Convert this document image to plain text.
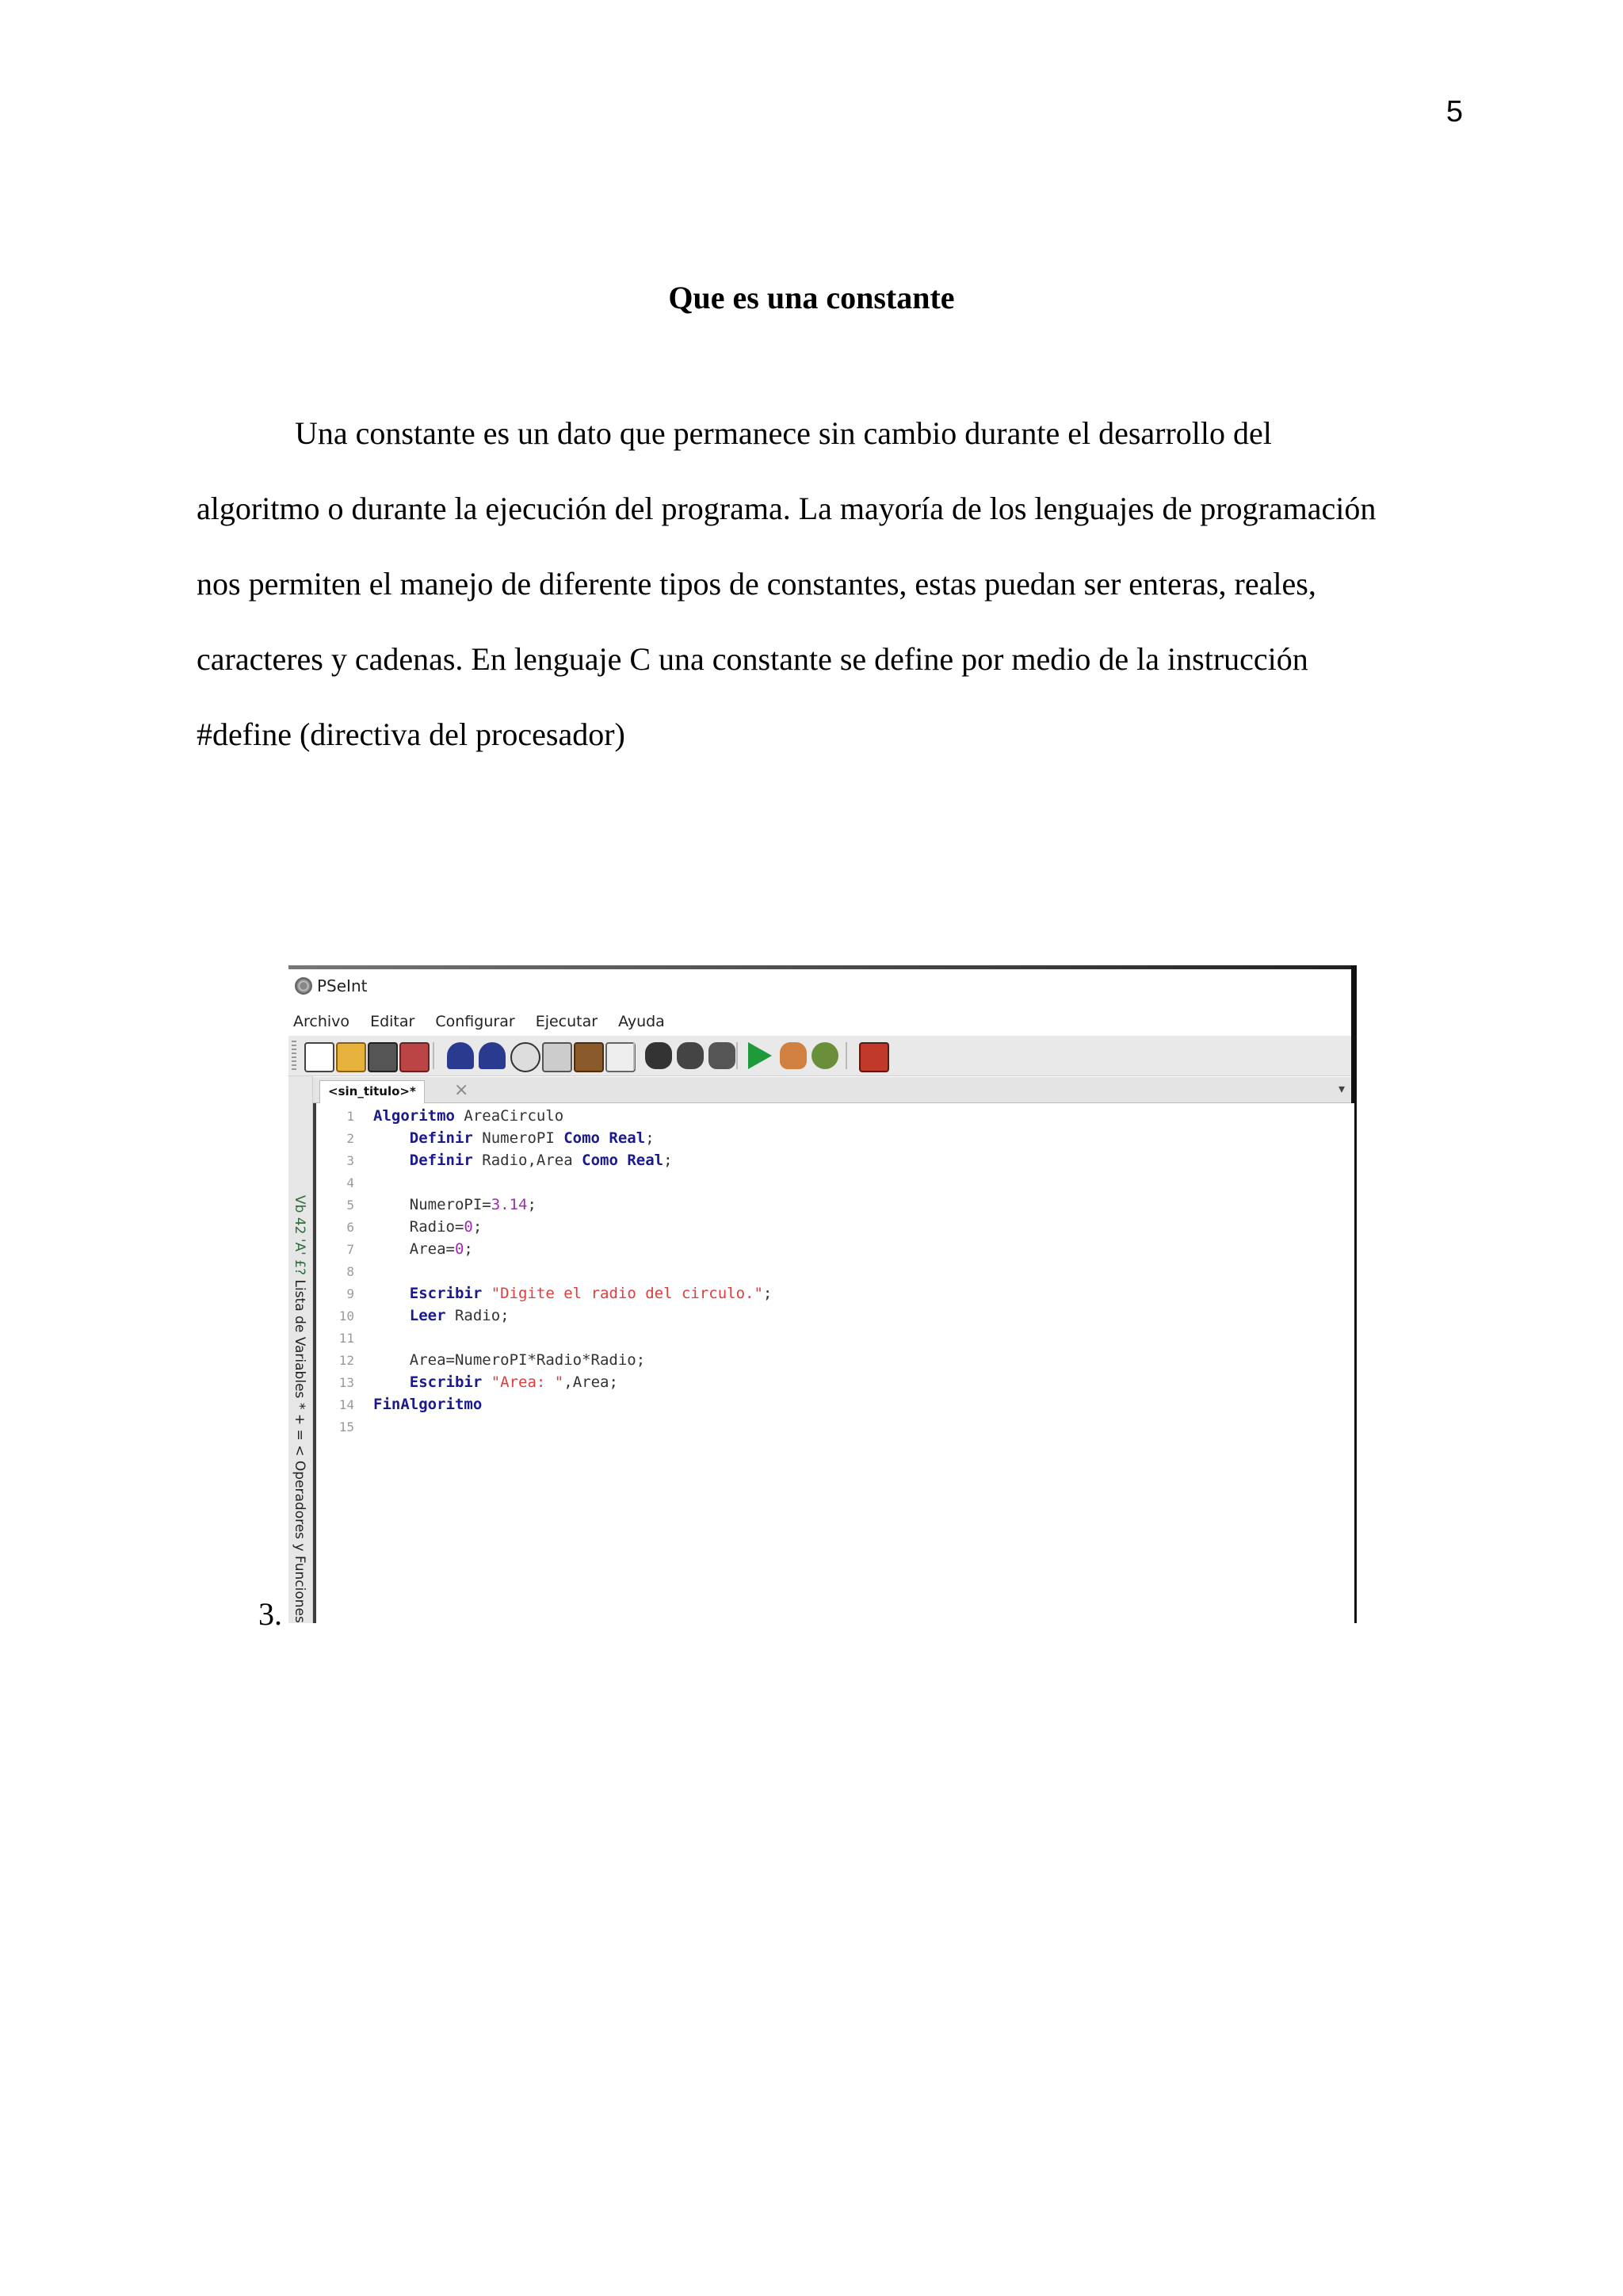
5
Que es una constante
Una constante es un dato que permanece sin cambio durante el desarrollo del
algoritmo o durante la ejecución del programa. La mayoría de los lenguajes de programación
nos permiten el manejo de diferente tipos de constantes, estas puedan ser enteras, reales,
caracteres y cadenas. En lenguaje C una constante se define por medio de la instrucción
#define (directiva del procesador)
3.
PSeInt
Archivo Editar Configurar Ejecutar Ayuda
Vb 42 'A' £? Lista de Variables
* + = < Operadores y Funciones
<sin_titulo>*	×	▾
1 Algoritmo AreaCirculo
2	Definir NumeroPI Como Real;
3	Definir Radio,Area Como Real;
4
5    NumeroPI=3.14;
6    Radio=0;
7    Area=0;
8
9	Escribir "Digite el radio del circulo.";
10	Leer Radio;
11
12    Area=NumeroPI*Radio*Radio;
13	Escribir "Area: ",Area;
14 FinAlgoritmo
15
